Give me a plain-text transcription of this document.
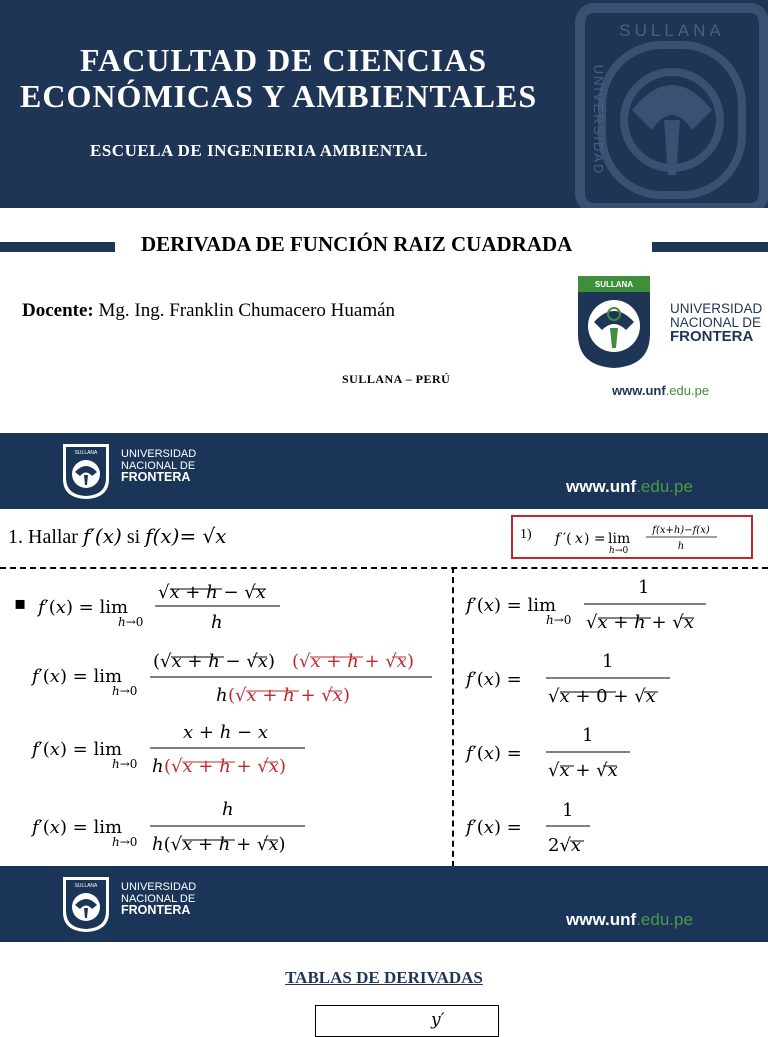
SULLANA
UNIVERSIDAD
FACULTAD DE CIENCIAS
ECONÓMICAS Y AMBIENTALES
ESCUELA DE INGENIERIA AMBIENTAL
DERIVADA DE FUNCIÓN RAIZ CUADRADA
Docente: Mg. Ing. Franklin Chumacero Huamán
SULLANA – PERÚ
SULLANA
UNIVERSIDAD
NACIONAL DE
FRONTERA
www.unf.edu.pe
SULLANA UNIVERSIDAD
NACIONAL DE
FRONTERA	www.unf.edu.pe
1. Hallar f′(x) si f(x)= √x	1) f ′( x ) = lim
h →0
f(x+h)−f(x)
h
▪ f′(x) = lim
h→0
√x + h − √x
h
f′(x) = lim
h→0
(√x + h − √x) (√x + h + √x)
h (√x + h + √x)
f′(x) = lim
h→0
x + h − x
h (√x + h + √x)
f′(x) = lim
h→0
h
h(√x + h + √x)
f′(x) = lim
h→0
1
√x + h + √x
f′(x) =
1
√x + 0 + √x
f′(x) =
1
√x + √x
f′(x) =
1
2√x
SULLANA UNIVERSIDAD
NACIONAL DE
FRONTERA	www.unf.edu.pe
TABLAS DE DERIVADAS
y′
